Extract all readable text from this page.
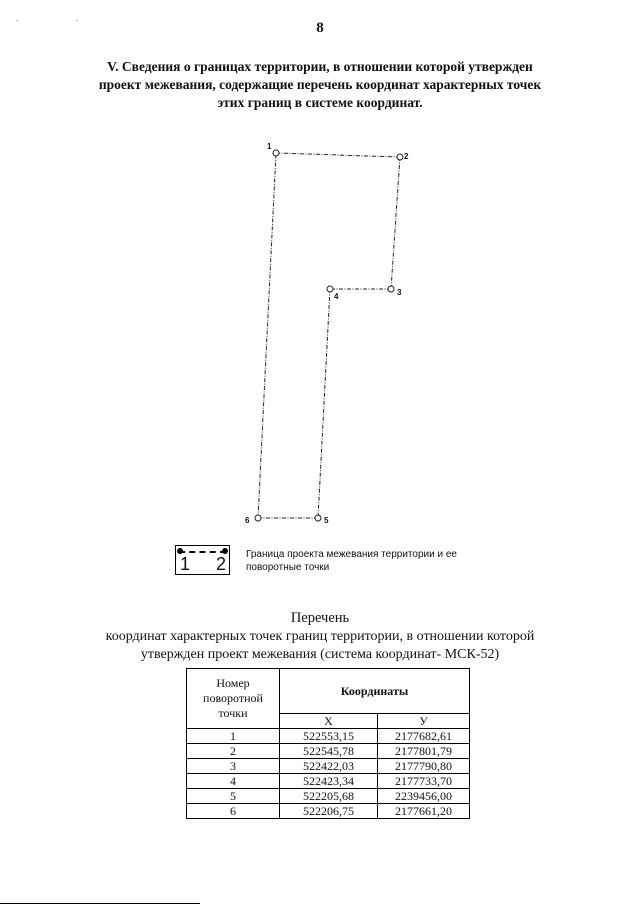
. .
8
V. Сведения о границах территории, в отношении которой утвержден
проект межевания, содержащие перечень координат характерных точек
этих границ в системе координат.
1
2
3
4
5
6
1 2 Граница проекта межевания территории и ее
поворотные точки
Перечень
координат характерных точек границ территории, в отношении которой
утвержден проект межевания (система координат- МСК-52)
Номер
поворотной
точки	Координаты	
	Х	У
1	522553,15	2177682,61
2	522545,78	2177801,79
3	522422,03	2177790,80
4	522423,34	2177733,70
5	522205,68	2239456,00
6	522206,75	2177661,20
